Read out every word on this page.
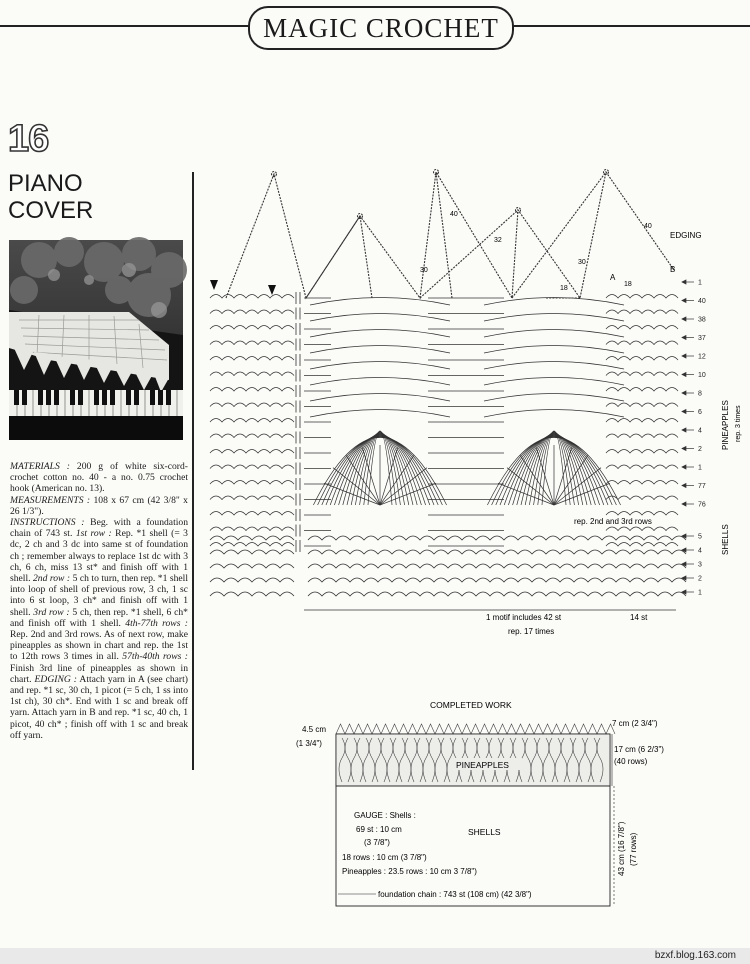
MAGIC CROCHET
16
PIANO
COVER
MATERIALS : 200 g of white six-cord-crochet cotton no. 40 - a no. 0.75 crochet hook (American no. 13).
MEASUREMENTS : 108 x 67 cm (42 3/8" x 26 1/3").
INSTRUCTIONS : Beg. with a foundation chain of 743 st. 1st row : Rep. *1 shell (= 3 dc, 2 ch and 3 dc into same st of foundation ch ; remember always to replace 1st dc with 3 ch, 6 ch, miss 13 st* and finish off with 1 shell. 2nd row : 5 ch to turn, then rep. *1 shell into loop of shell of previous row, 3 ch, 1 sc into 6 st loop, 3 ch* and finish off with 1 shell. 3rd row : 5 ch, then rep. *1 shell, 6 ch* and finish off with 1 shell. 4th-77th rows : Rep. 2nd and 3rd rows. As of next row, make pineapples as shown in chart and rep. the 1st to 12th rows 3 times in all. 57th-40th rows : Finish 3rd line of pineapples as shown in chart. EDGING : Attach yarn in A (see chart) and rep. *1 sc, 30 ch, 1 picot (= 5 ch, 1 ss into 1st ch), 30 ch*. End with 1 sc and break off yarn. Attach yarn in B and rep. *1 sc, 40 ch, 1 picot, 40 ch* ; finish off with 1 sc and break off yarn.
EDGING
A
B
30
40
32
30
40
18
18	1
40
38
37
12
10
8
6
4
2
1
77
76
5
4
3
2
1
PINEAPPLES rep. 3 times
SHELLS
rep. 2nd and 3rd rows
1 motif includes 42 st
rep. 17 times
14 st
COMPLETED WORK
PINEAPPLES
4.5 cm
(1 3/4")
7 cm (2 3/4")
17 cm (6 2/3")
(40 rows)
GAUGE : Shells :
69 st : 10 cm
(3 7/8")
SHELLS
18 rows : 10 cm (3 7/8")
Pineapples : 23.5 rows : 10 cm 3 7/8")
foundation chain : 743 st (108 cm) (42 3/8")
43 cm (16 7/8") (77 rows)
bzxf.blog.163.com
